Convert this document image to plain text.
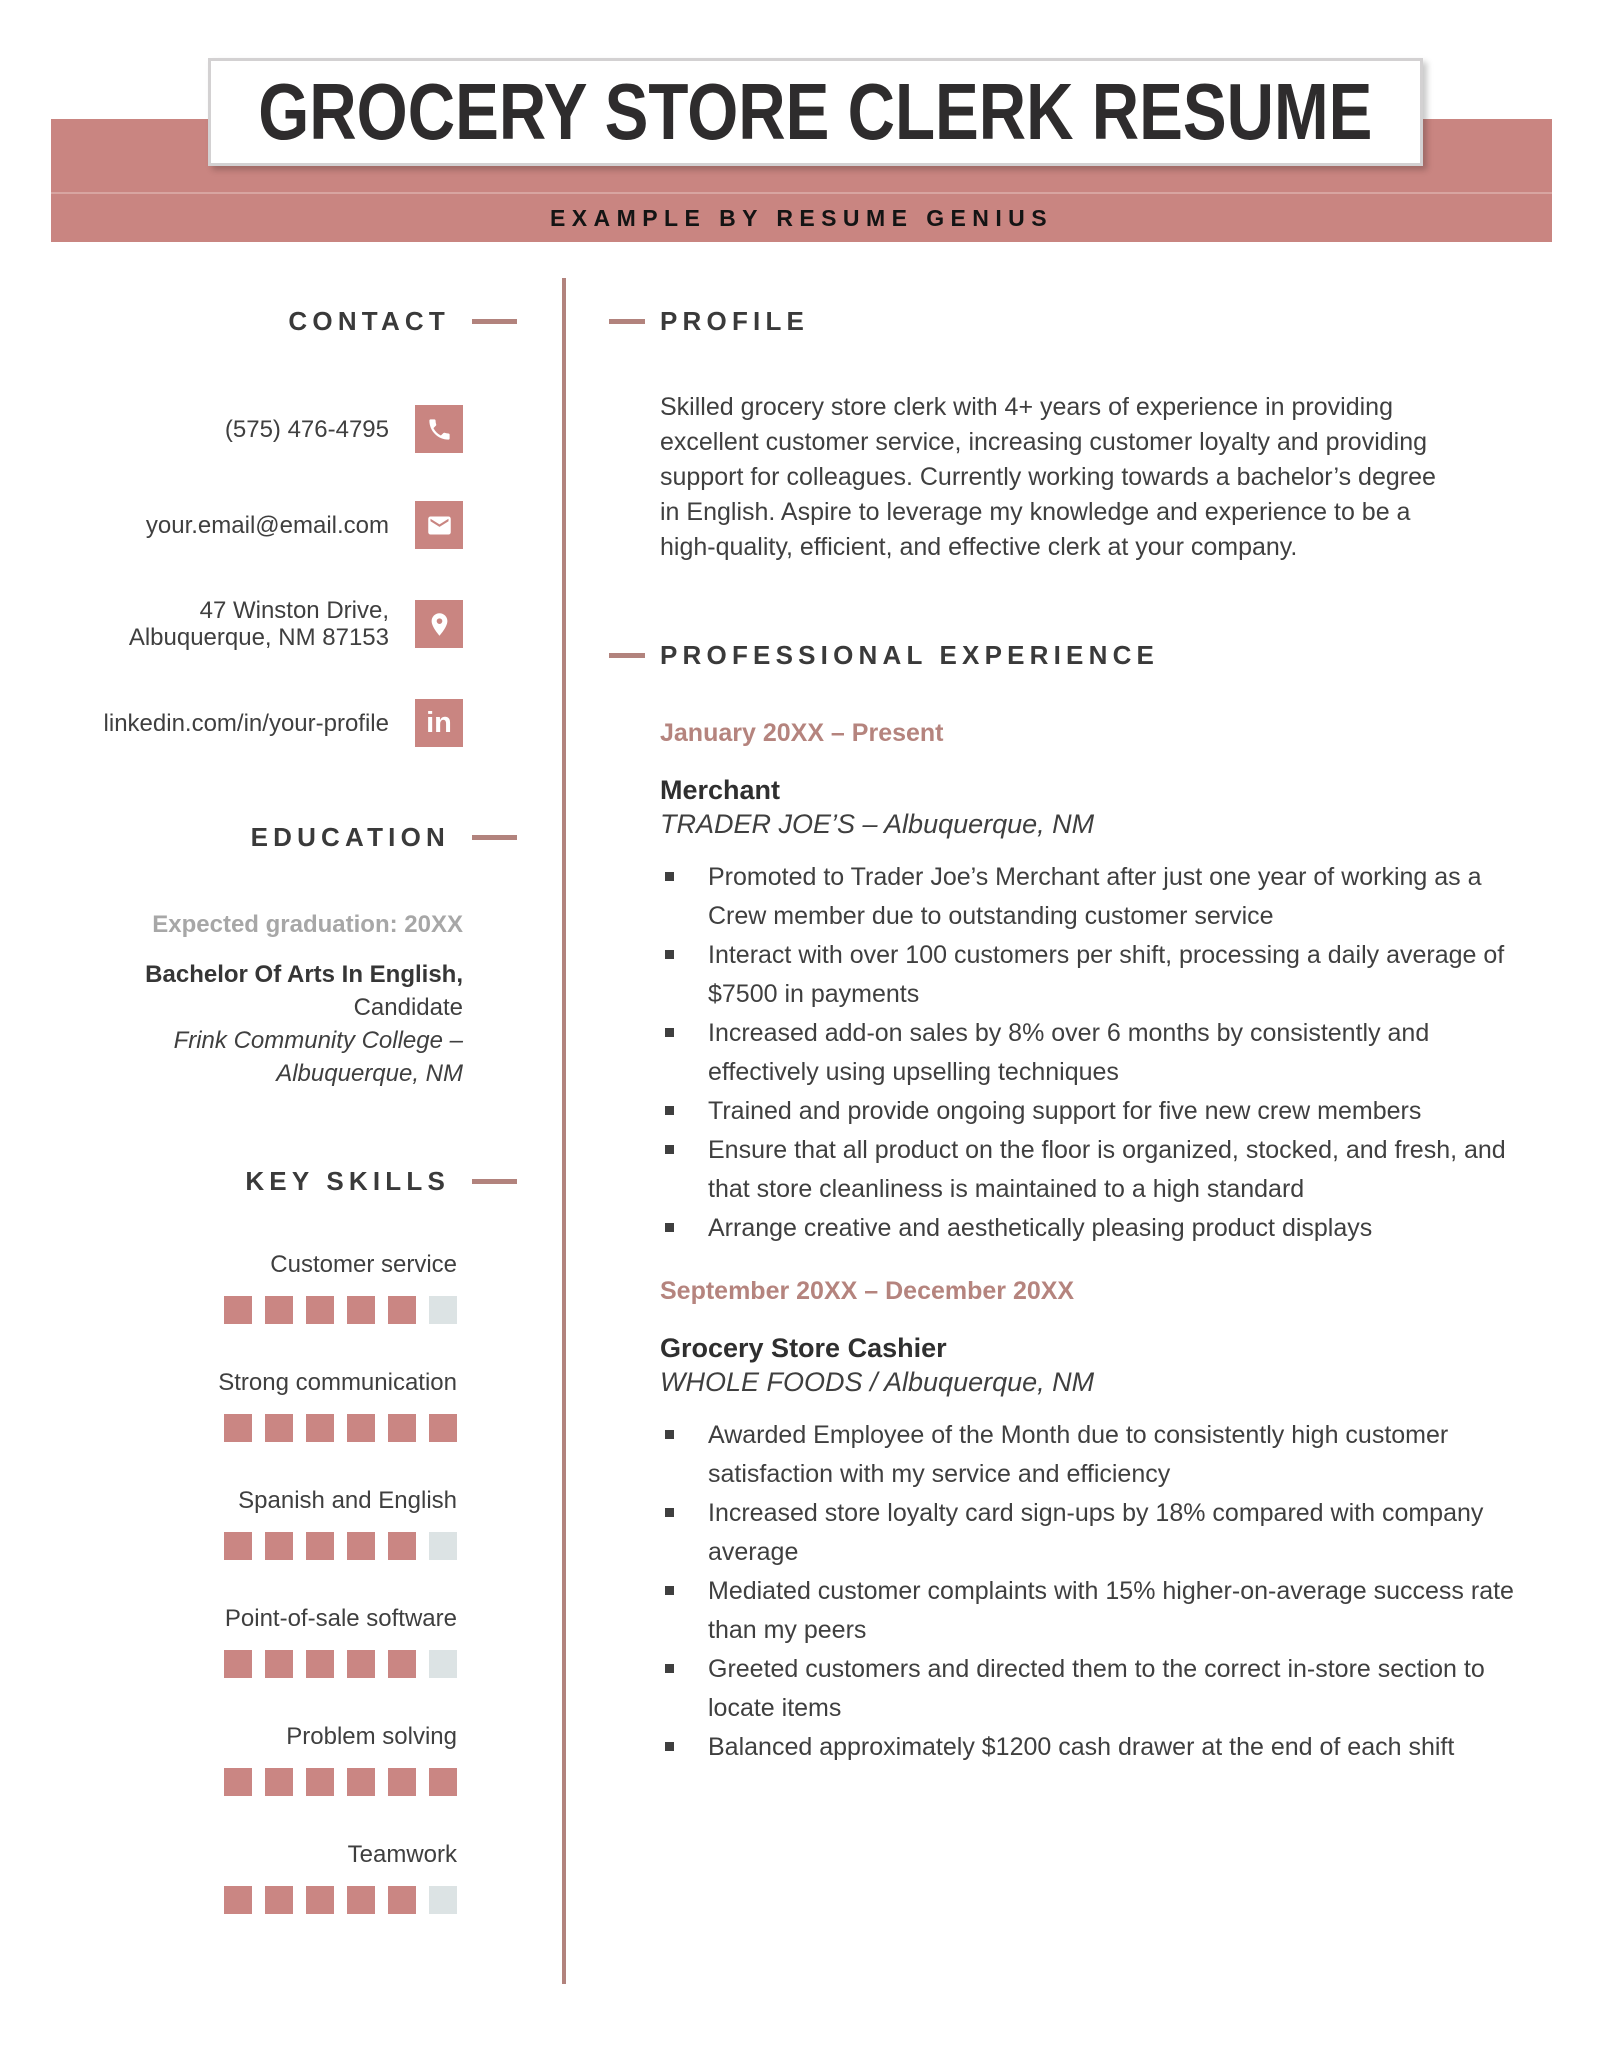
EXAMPLE BY RESUME GENIUS
GROCERY STORE CLERK RESUME
CONTACT
(575) 476-4795
your.email@email.com
47 Winston Drive,
Albuquerque, NM 87153
linkedin.com/in/your-profile in
EDUCATION
Expected graduation: 20XX
Bachelor Of Arts In English,
Candidate
Frink Community College –
Albuquerque, NM
KEY SKILLS
Customer service
Strong communication
Spanish and English
Point-of-sale software
Problem solving
Teamwork
PROFILE

Skilled grocery store clerk with 4+ years of experience in providing excellent customer service, increasing customer loyalty and providing support for colleagues. Currently working towards a bachelor’s degree in English. Aspire to leverage my knowledge and experience to be a high-quality, efficient, and effective clerk at your company.

PROFESSIONAL EXPERIENCE
January 20XX – Present
Merchant
TRADER JOE’S – Albuquerque, NM
Promoted to Trader Joe’s Merchant after just one year of working as a Crew member due to outstanding customer service
Interact with over 100 customers per shift, processing a daily average of $7500 in payments
Increased add-on sales by 8% over 6 months by consistently and effectively using upselling techniques
Trained and provide ongoing support for five new crew members
Ensure that all product on the floor is organized, stocked, and fresh, and that store cleanliness is maintained to a high standard
Arrange creative and aesthetically pleasing product displays
September 20XX – December 20XX
Grocery Store Cashier
WHOLE FOODS / Albuquerque, NM
Awarded Employee of the Month due to consistently high customer satisfaction with my service and efficiency
Increased store loyalty card sign-ups by 18% compared with company average
Mediated customer complaints with 15% higher-on-average success rate than my peers
Greeted customers and directed them to the correct in-store section to locate items
Balanced approximately $1200 cash drawer at the end of each shift
